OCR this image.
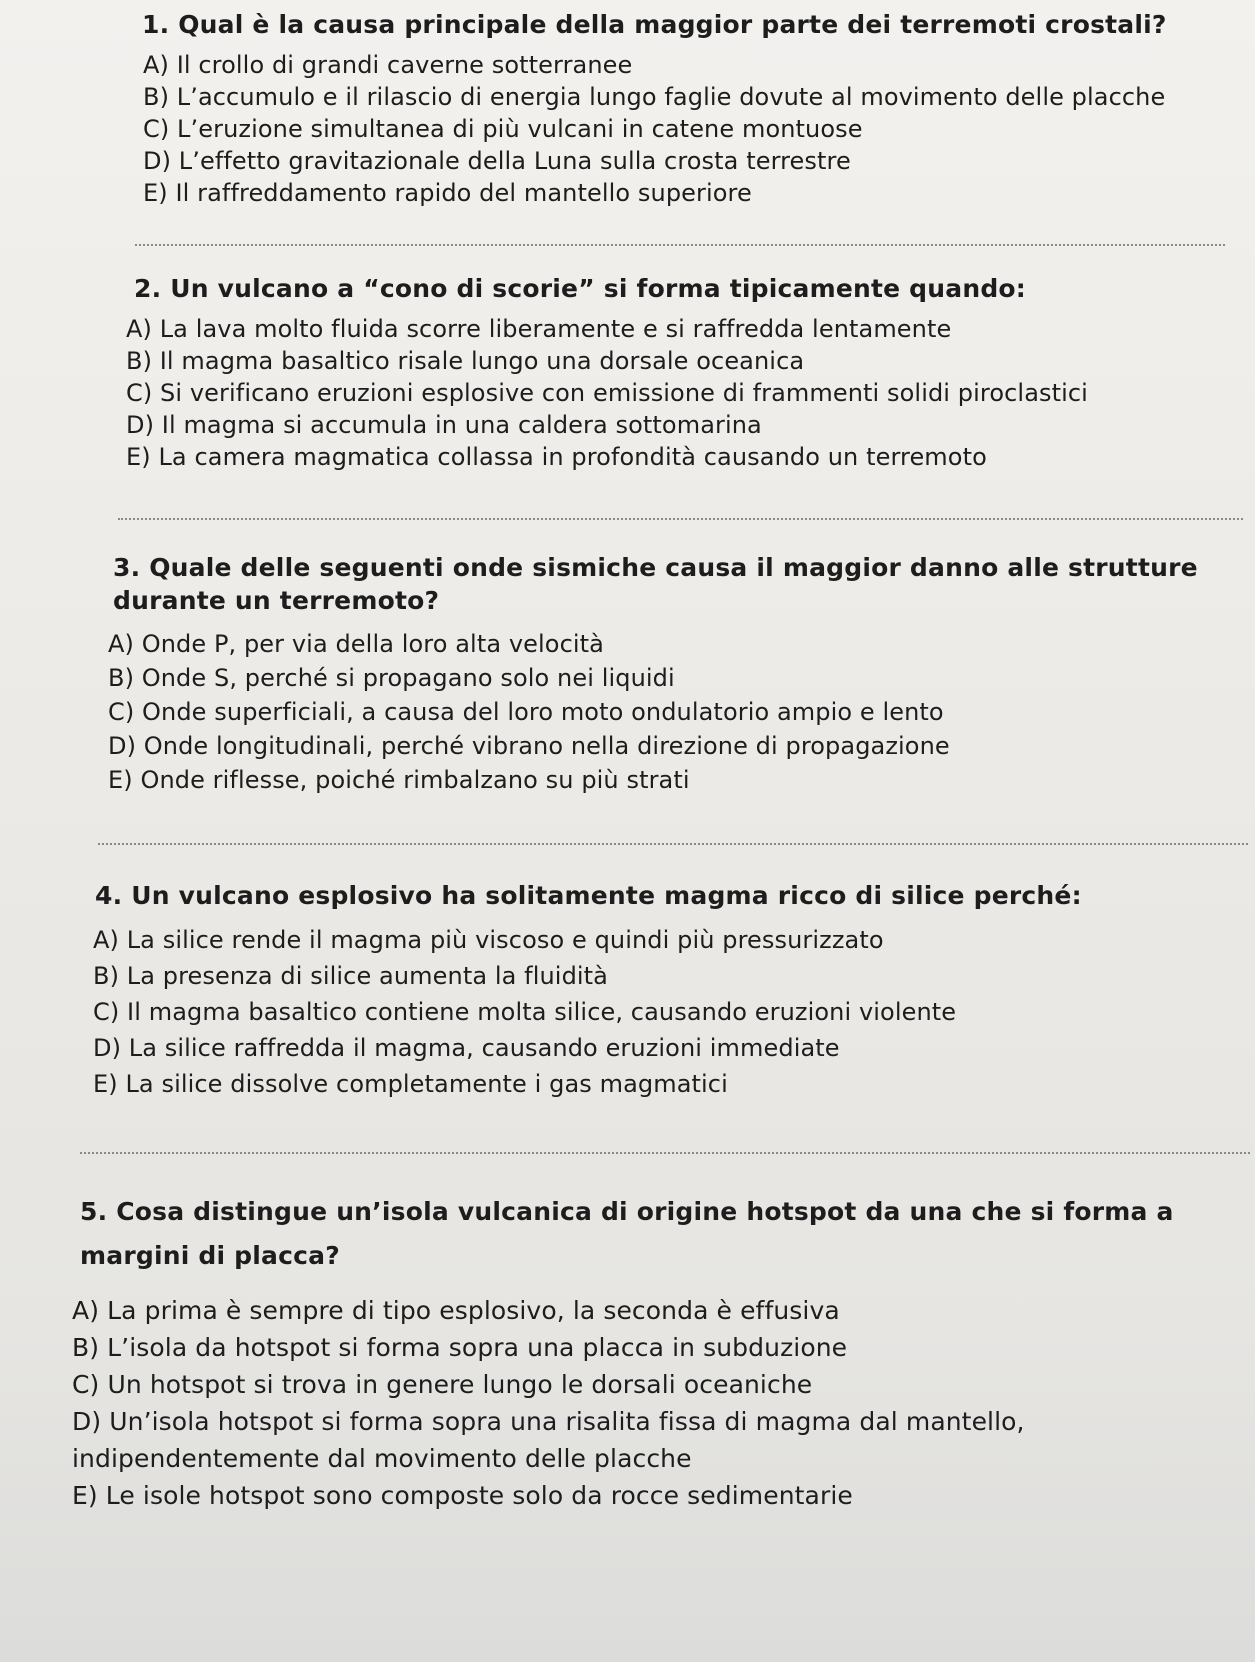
1. Qual è la causa principale della maggior parte dei terremoti crostali?
A) Il crollo di grandi caverne sotterranee
B) L’accumulo e il rilascio di energia lungo faglie dovute al movimento delle placche
C) L’eruzione simultanea di più vulcani in catene montuose
D) L’effetto gravitazionale della Luna sulla crosta terrestre
E) Il raffreddamento rapido del mantello superiore
2. Un vulcano a “cono di scorie” si forma tipicamente quando:
A) La lava molto fluida scorre liberamente e si raffredda lentamente
B) Il magma basaltico risale lungo una dorsale oceanica
C) Si verificano eruzioni esplosive con emissione di frammenti solidi piroclastici
D) Il magma si accumula in una caldera sottomarina
E) La camera magmatica collassa in profondità causando un terremoto
3. Quale delle seguenti onde sismiche causa il maggior danno alle strutture durante un terremoto?
A) Onde P, per via della loro alta velocità
B) Onde S, perché si propagano solo nei liquidi
C) Onde superficiali, a causa del loro moto ondulatorio ampio e lento
D) Onde longitudinali, perché vibrano nella direzione di propagazione
E) Onde riflesse, poiché rimbalzano su più strati
4. Un vulcano esplosivo ha solitamente magma ricco di silice perché:
A) La silice rende il magma più viscoso e quindi più pressurizzato
B) La presenza di silice aumenta la fluidità
C) Il magma basaltico contiene molta silice, causando eruzioni violente
D) La silice raffredda il magma, causando eruzioni immediate
E) La silice dissolve completamente i gas magmatici
5. Cosa distingue un’isola vulcanica di origine hotspot da una che si forma a margini di placca?
A) La prima è sempre di tipo esplosivo, la seconda è effusiva
B) L’isola da hotspot si forma sopra una placca in subduzione
C) Un hotspot si trova in genere lungo le dorsali oceaniche
D) Un’isola hotspot si forma sopra una risalita fissa di magma dal mantello, indipendentemente dal movimento delle placche
E) Le isole hotspot sono composte solo da rocce sedimentarie
